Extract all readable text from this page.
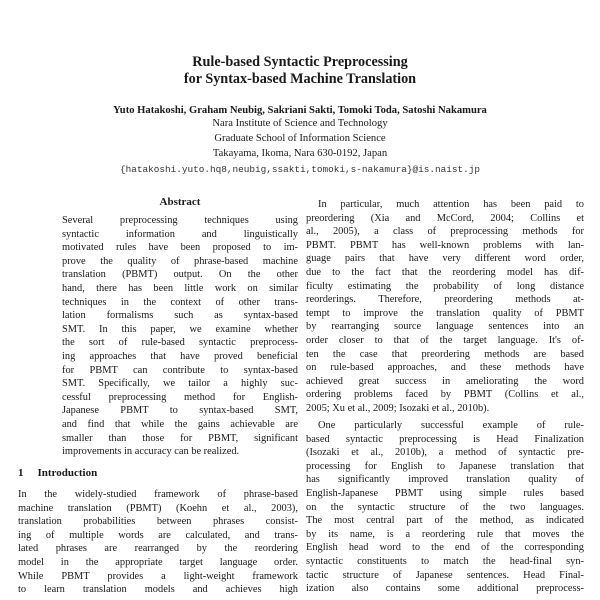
Rule-based Syntactic Preprocessing
for Syntax-based Machine Translation
Yuto Hatakoshi, Graham Neubig, Sakriani Sakti, Tomoki Toda, Satoshi Nakamura
Nara Institute of Science and Technology
Graduate School of Information Science
Takayama, Ikoma, Nara 630-0192, Japan
{hatakoshi.yuto.hq8,neubig,ssakti,tomoki,s-nakamura}@is.naist.jp
Abstract
Several preprocessing techniques using
syntactic information and linguistically
motivated rules have been proposed to im-
prove the quality of phrase-based machine
translation (PBMT) output. On the other
hand, there has been little work on similar
techniques in the context of other trans-
lation formalisms such as syntax-based
SMT. In this paper, we examine whether
the sort of rule-based syntactic preprocess-
ing approaches that have proved beneficial
for PBMT can contribute to syntax-based
SMT. Specifically, we tailor a highly suc-
cessful preprocessing method for English-
Japanese PBMT to syntax-based SMT,
and find that while the gains achievable are
smaller than those for PBMT, significant
improvements in accuracy can be realized.
1 Introduction
In the widely-studied framework of phrase-based
machine translation (PBMT) (Koehn et al., 2003),
translation probabilities between phrases consist-
ing of multiple words are calculated, and trans-
lated phrases are rearranged by the reordering
model in the appropriate target language order.
While PBMT provides a light-weight framework
to learn translation models and achieves high
In particular, much attention has been paid to
preordering (Xia and McCord, 2004; Collins et
al., 2005), a class of preprocessing methods for
PBMT. PBMT has well-known problems with lan-
guage pairs that have very different word order,
due to the fact that the reordering model has dif-
ficulty estimating the probability of long distance
reorderings. Therefore, preordering methods at-
tempt to improve the translation quality of PBMT
by rearranging source language sentences into an
order closer to that of the target language. It's of-
ten the case that preordering methods are based
on rule-based approaches, and these methods have
achieved great success in ameliorating the word
ordering problems faced by PBMT (Collins et al.,
2005; Xu et al., 2009; Isozaki et al., 2010b).
One particularly successful example of rule-
based syntactic preprocessing is Head Finalization
(Isozaki et al., 2010b), a method of syntactic pre-
processing for English to Japanese translation that
has significantly improved translation quality of
English-Japanese PBMT using simple rules based
on the syntactic structure of the two languages.
The most central part of the method, as indicated
by its name, is a reordering rule that moves the
English head word to the end of the corresponding
syntactic constituents to match the head-final syn-
tactic structure of Japanese sentences. Head Final-
ization also contains some additional preprocess-
